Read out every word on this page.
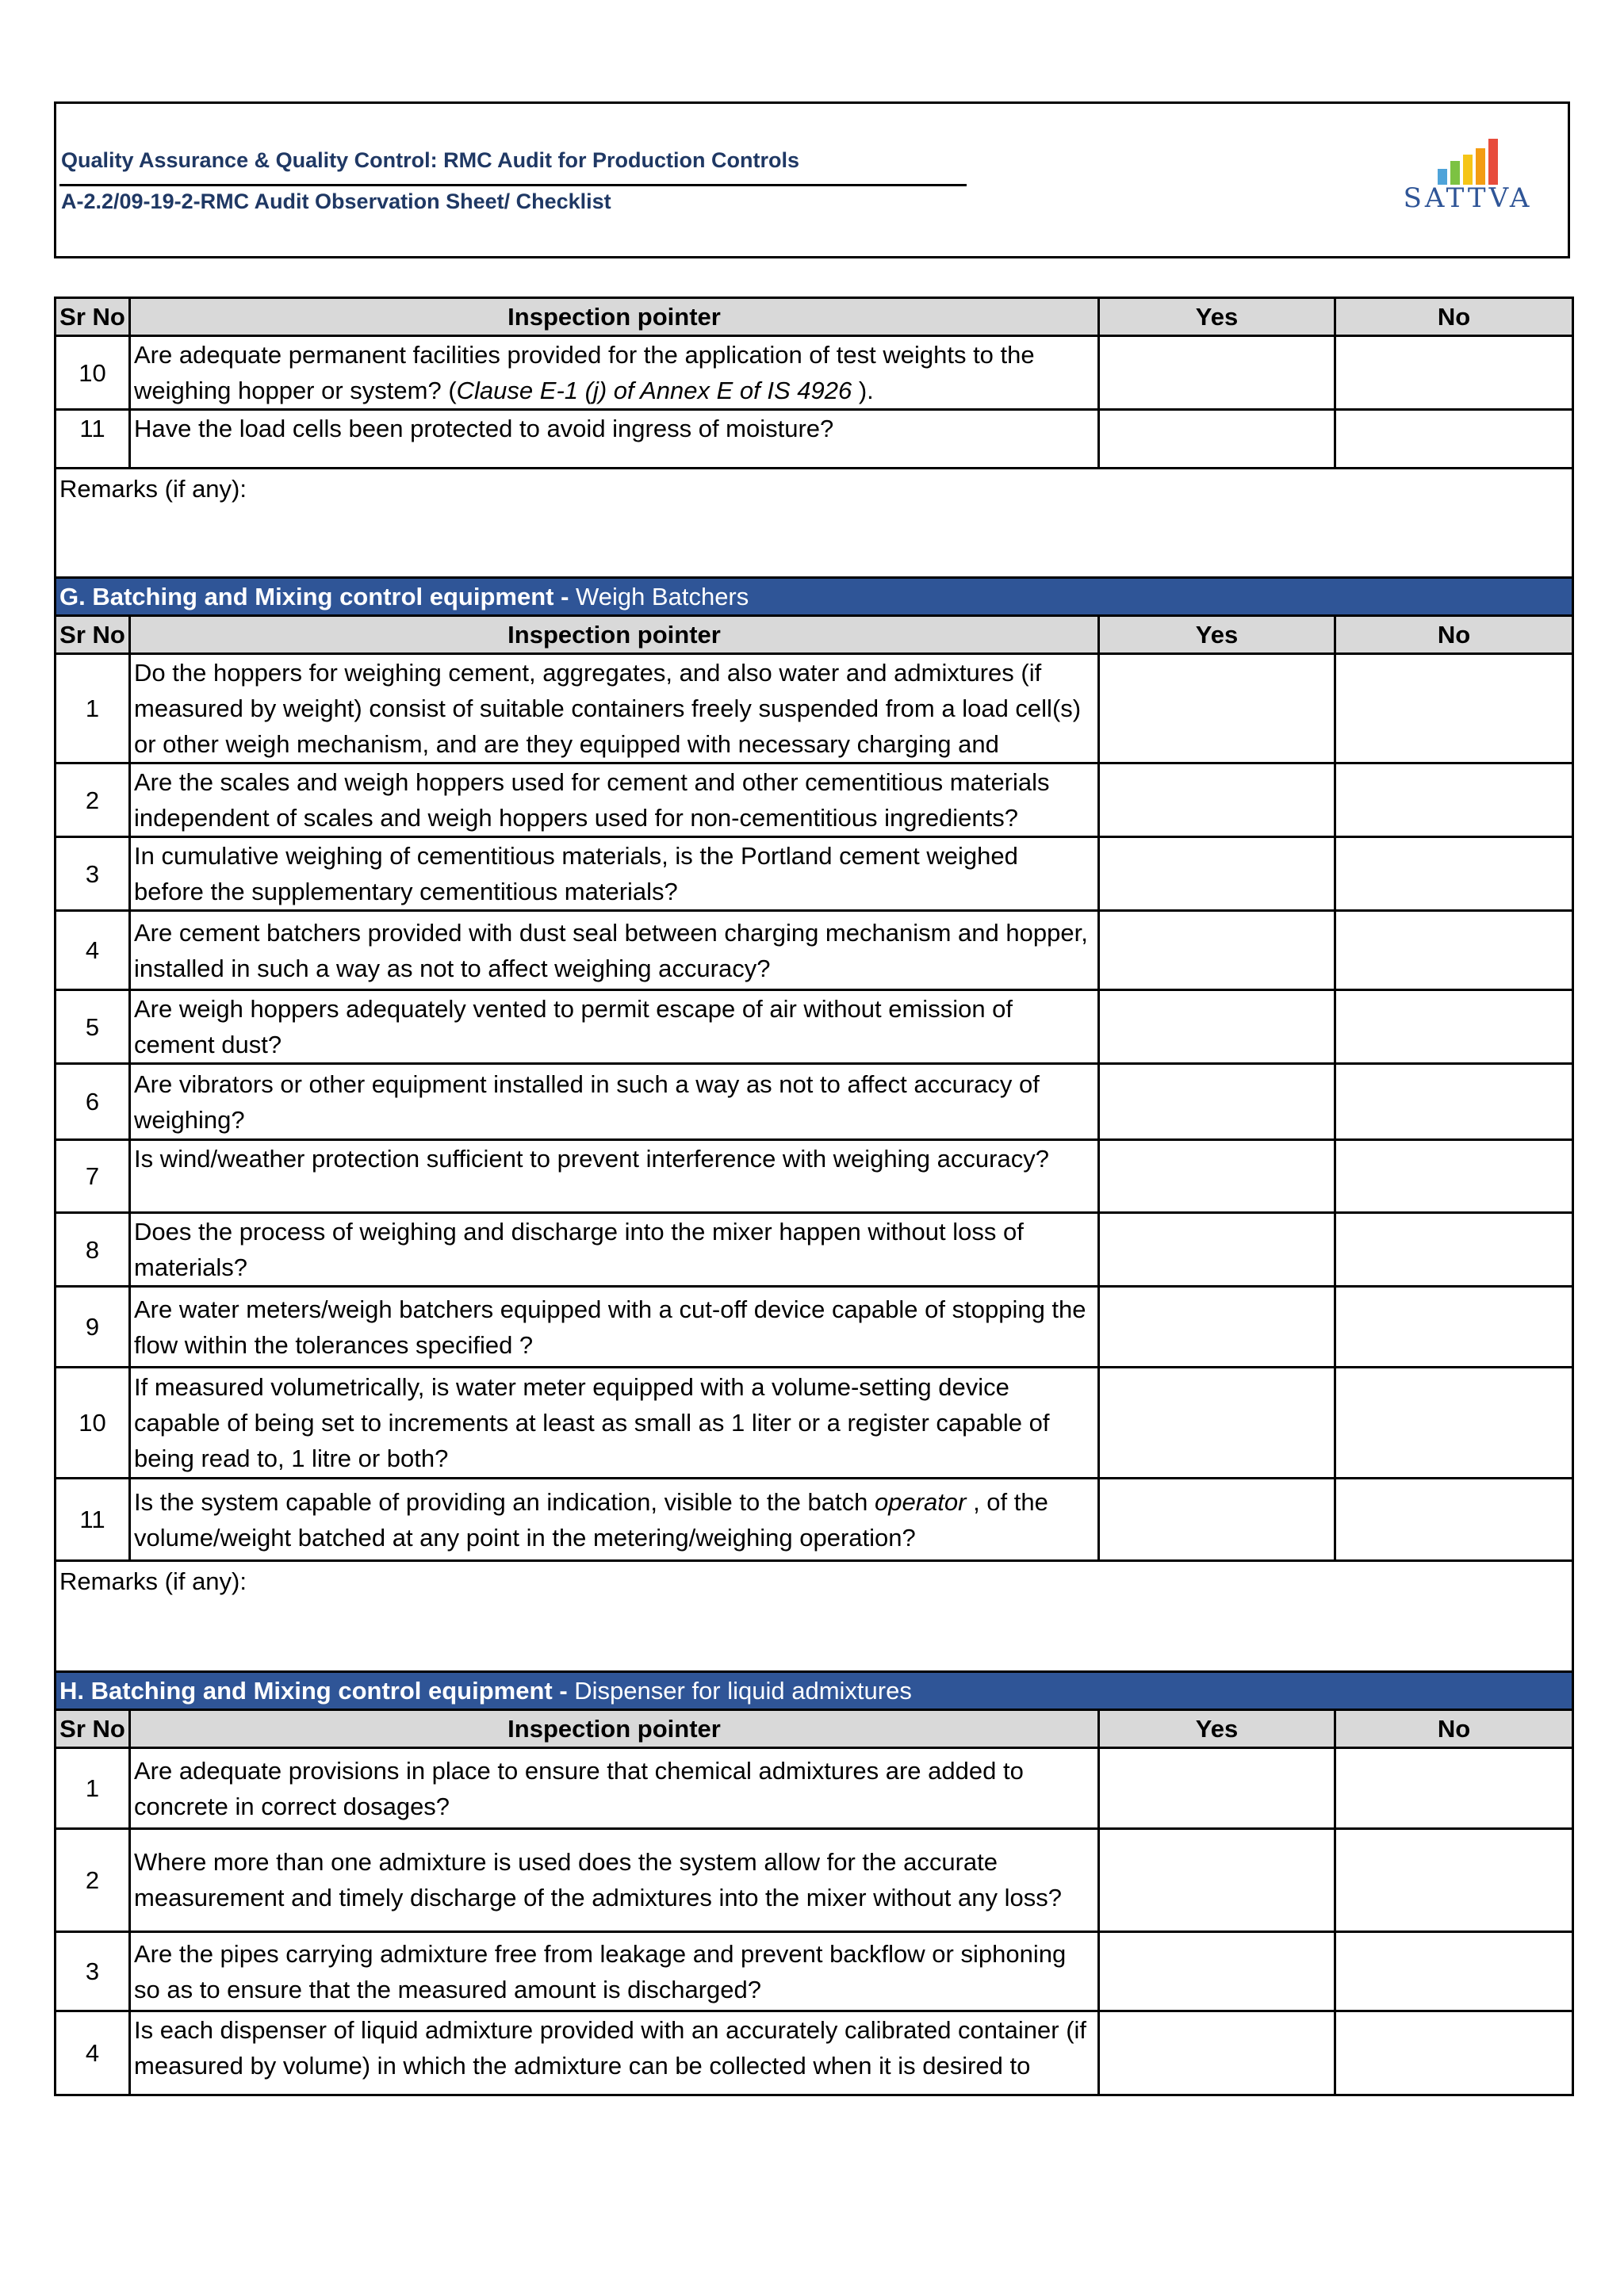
Quality Assurance & Quality Control: RMC Audit for Production Controls
A-2.2/09-19-2-RMC Audit Observation Sheet/ Checklist	SATTVA
Sr No	Inspection pointer	Yes	No
10	Are adequate permanent facilities provided for the application of test weights to the weighing hopper or system? (Clause E-1 (j) of Annex E of IS 4926 ).		
11	Have the load cells been protected to avoid ingress of moisture?		
Remarks (if any):			
G. Batching and Mixing control equipment - Weigh Batchers			
Sr No	Inspection pointer	Yes	No
1	Do the hoppers for weighing cement, aggregates, and also water and admixtures (if measured by weight) consist of suitable containers freely suspended from a load cell(s) or other weigh mechanism, and are they equipped with necessary charging and		

2	Are the scales and weigh hoppers used for cement and other cementitious materials independent of scales and weigh hoppers used for non-cementitious ingredients?		
3	In cumulative weighing of cementitious materials, is the Portland cement weighed before the supplementary cementitious materials?		
4	Are cement batchers provided with dust seal between charging mechanism and hopper, installed in such a way as not to affect weighing accuracy?		
5	Are weigh hoppers adequately vented to permit escape of air without emission of cement dust?		
6	Are vibrators or other equipment installed in such a way as not to affect accuracy of weighing?		
7	Is wind/weather protection sufficient to prevent interference with weighing accuracy?		
8	Does the process of weighing and discharge into the mixer happen without loss of materials?		
9	Are water meters/weigh batchers equipped with a cut-off device capable of stopping the flow within the tolerances specified ?		
10	If measured volumetrically, is water meter equipped with a volume-setting device capable of being set to increments at least as small as 1 liter or a register capable of being read to, 1 litre or both?		
11	Is the system capable of providing an indication, visible to the batch operator , of the volume/weight batched at any point in the metering/weighing operation?		
Remarks (if any):			
H. Batching and Mixing control equipment - Dispenser for liquid admixtures			
Sr No	Inspection pointer	Yes	No
1	Are adequate provisions in place to ensure that chemical admixtures are added to concrete in correct dosages?		
2	Where more than one admixture is used does the system allow for the accurate measurement and timely discharge of the admixtures into the mixer without any loss?		
3	Are the pipes carrying admixture free from leakage and prevent backflow or siphoning so as to ensure that the measured amount is discharged?		
4	Is each dispenser of liquid admixture provided with an accurately calibrated container (if measured by volume) in which the admixture can be collected when it is desired to		
